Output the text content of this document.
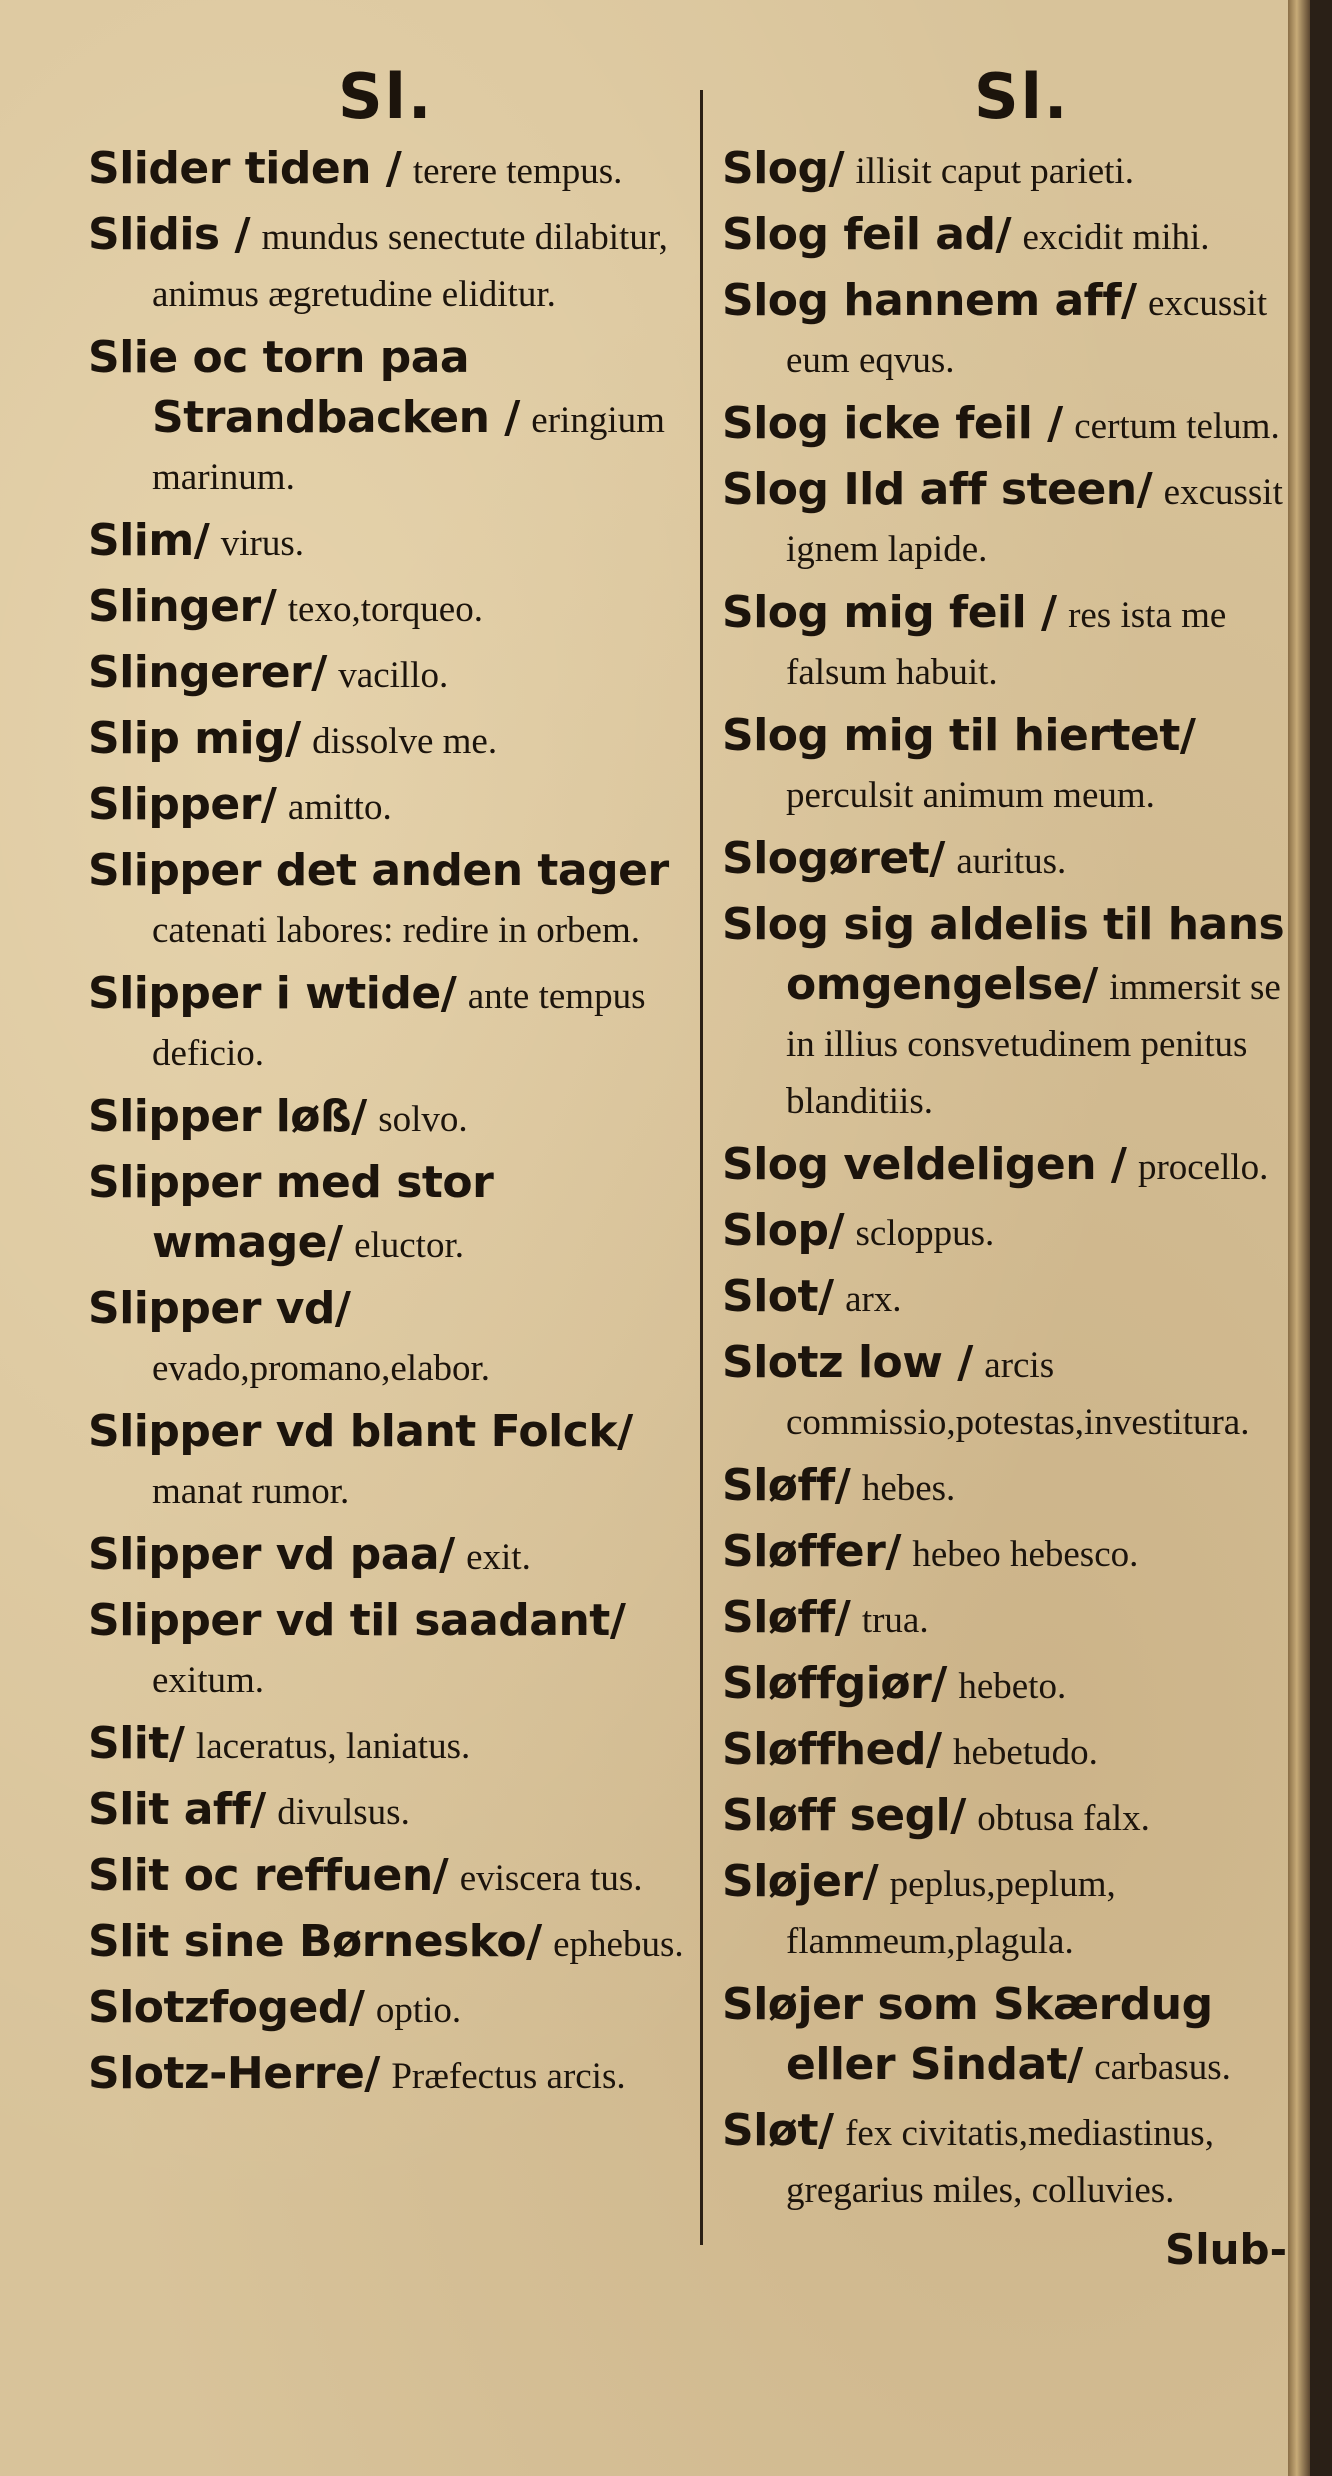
Sl.
Slider tiden / terere tempus.
Slidis / mundus senectute dilabitur, animus ægretudine eliditur.
Slie oc torn paa Strandbacken / eringium marinum.
Slim/ virus.
Slinger/ texo,torqueo.
Slingerer/ vacillo.
Slip mig/ dissolve me.
Slipper/ amitto.
Slipper det anden tager catenati labores: redire in orbem.
Slipper i wtide/ ante tempus deficio.
Slipper løß/ solvo.
Slipper med stor wmage/ eluctor.
Slipper vd/ evado,promano,elabor.
Slipper vd blant Folck/ manat rumor.
Slipper vd paa/ exit.
Slipper vd til saadant/ exitum.
Slit/ laceratus, laniatus.
Slit aff/ divulsus.
Slit oc reffuen/ eviscera tus.
Slit sine Børnesko/ ephebus.
Slotzfoged/ optio.
Slotz-Herre/ Præfectus arcis.
Sl.
Slog/ illisit caput parieti.
Slog feil ad/ excidit mihi.
Slog hannem aff/ excussit eum eqvus.
Slog icke feil / certum telum.
Slog Ild aff steen/ excussit ignem lapide.
Slog mig feil / res ista me falsum habuit.
Slog mig til hiertet/ perculsit animum meum.
Slogøret/ auritus.
Slog sig aldelis til hans omgengelse/ immersit se in illius consvetudinem penitus blanditiis.
Slog veldeligen / procello.
Slop/ scloppus.
Slot/ arx.
Slotz low / arcis commissio,potestas,investitura.
Sløff/ hebes.
Sløffer/ hebeo hebesco.
Sløff/ trua.
Sløffgiør/ hebeto.
Sløffhed/ hebetudo.
Sløff segl/ obtusa falx.
Sløjer/ peplus,peplum, flammeum,plagula.
Sløjer som Skærdug eller Sindat/ carbasus.
Sløt/ fex civitatis,mediastinus, gregarius miles, colluvies.
Slub-
